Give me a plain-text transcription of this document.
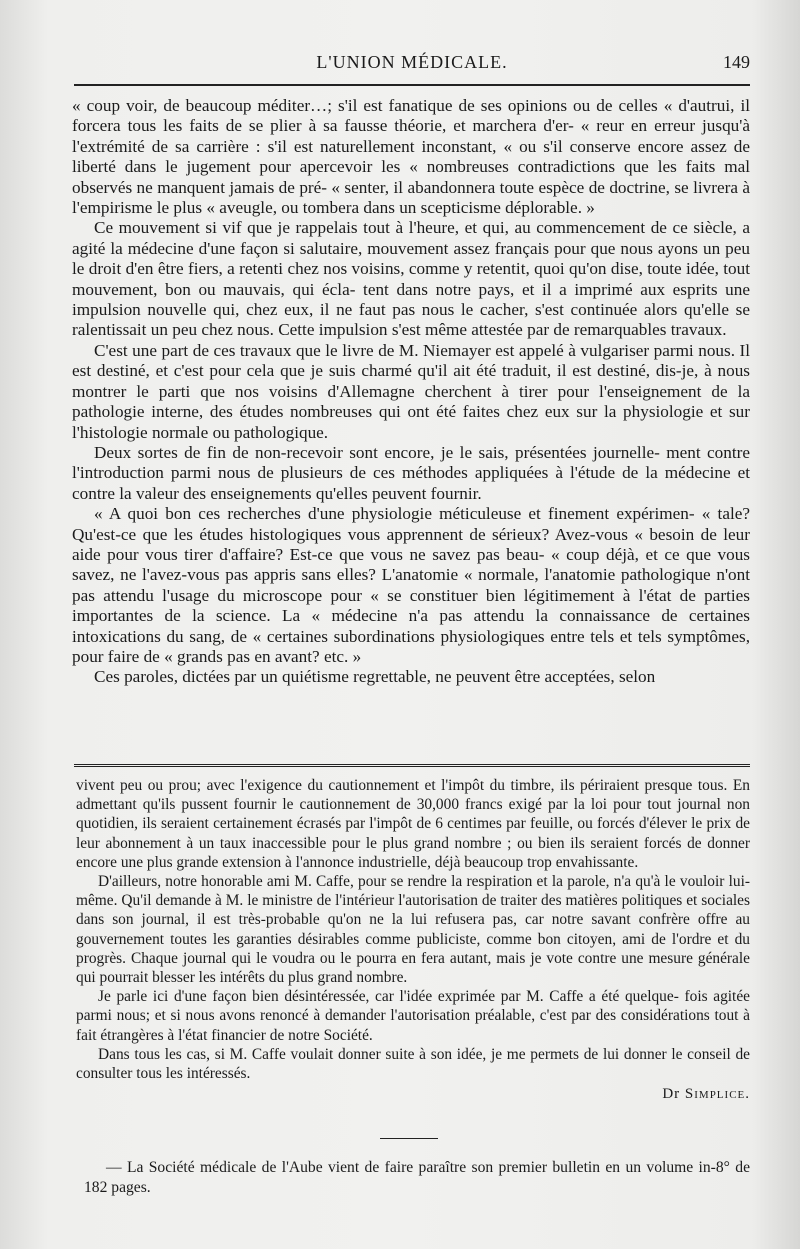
L'UNION MÉDICALE.	149

« coup voir, de beaucoup méditer…; s'il est fanatique de ses opinions ou de celles « d'autrui, il forcera tous les faits de se plier à sa fausse théorie, et marchera d'er- « reur en erreur jusqu'à l'extrémité de sa carrière : s'il est naturellement inconstant, « ou s'il conserve encore assez de liberté dans le jugement pour apercevoir les « nombreuses contradictions que les faits mal observés ne manquent jamais de pré- « senter, il abandonnera toute espèce de doctrine, se livrera à l'empirisme le plus « aveugle, ou tombera dans un scepticisme déplorable. »

Ce mouvement si vif que je rappelais tout à l'heure, et qui, au commencement de ce siècle, a agité la médecine d'une façon si salutaire, mouvement assez français pour que nous ayons un peu le droit d'en être fiers, a retenti chez nos voisins, comme y retentit, quoi qu'on dise, toute idée, tout mouvement, bon ou mauvais, qui écla- tent dans notre pays, et il a imprimé aux esprits une impulsion nouvelle qui, chez eux, il ne faut pas nous le cacher, s'est continuée alors qu'elle se ralentissait un peu chez nous. Cette impulsion s'est même attestée par de remarquables travaux.

C'est une part de ces travaux que le livre de M. Niemayer est appelé à vulgariser parmi nous. Il est destiné, et c'est pour cela que je suis charmé qu'il ait été traduit, il est destiné, dis-je, à nous montrer le parti que nos voisins d'Allemagne cherchent à tirer pour l'enseignement de la pathologie interne, des études nombreuses qui ont été faites chez eux sur la physiologie et sur l'histologie normale ou pathologique.

Deux sortes de fin de non-recevoir sont encore, je le sais, présentées journelle- ment contre l'introduction parmi nous de plusieurs de ces méthodes appliquées à l'étude de la médecine et contre la valeur des enseignements qu'elles peuvent fournir.

« A quoi bon ces recherches d'une physiologie méticuleuse et finement expérimen- « tale? Qu'est-ce que les études histologiques vous apprennent de sérieux? Avez-vous « besoin de leur aide pour vous tirer d'affaire? Est-ce que vous ne savez pas beau- « coup déjà, et ce que vous savez, ne l'avez-vous pas appris sans elles? L'anatomie « normale, l'anatomie pathologique n'ont pas attendu l'usage du microscope pour « se constituer bien légitimement à l'état de parties importantes de la science. La « médecine n'a pas attendu la connaissance de certaines intoxications du sang, de « certaines subordinations physiologiques entre tels et tels symptômes, pour faire de « grands pas en avant? etc. »

Ces paroles, dictées par un quiétisme regrettable, ne peuvent être acceptées, selon

vivent peu ou prou; avec l'exigence du cautionnement et l'impôt du timbre, ils périraient presque tous. En admettant qu'ils pussent fournir le cautionnement de 30,000 francs exigé par la loi pour tout journal non quotidien, ils seraient certainement écrasés par l'impôt de 6 centimes par feuille, ou forcés d'élever le prix de leur abonnement à un taux inaccessible pour le plus grand nombre ; ou bien ils seraient forcés de donner encore une plus grande extension à l'annonce industrielle, déjà beaucoup trop envahissante.

D'ailleurs, notre honorable ami M. Caffe, pour se rendre la respiration et la parole, n'a qu'à le vouloir lui-même. Qu'il demande à M. le ministre de l'intérieur l'autorisation de traiter des matières politiques et sociales dans son journal, il est très-probable qu'on ne la lui refusera pas, car notre savant confrère offre au gouvernement toutes les garanties désirables comme publiciste, comme bon citoyen, ami de l'ordre et du progrès. Chaque journal qui le voudra ou le pourra en fera autant, mais je vote contre une mesure générale qui pourrait blesser les intérêts du plus grand nombre.

Je parle ici d'une façon bien désintéressée, car l'idée exprimée par M. Caffe a été quelque- fois agitée parmi nous; et si nous avons renoncé à demander l'autorisation préalable, c'est par des considérations tout à fait étrangères à l'état financier de notre Société.

Dans tous les cas, si M. Caffe voulait donner suite à son idée, je me permets de lui donner le conseil de consulter tous les intéressés.

Dr Simplice.

— La Société médicale de l'Aube vient de faire paraître son premier bulletin en un volume in-8° de 182 pages.
